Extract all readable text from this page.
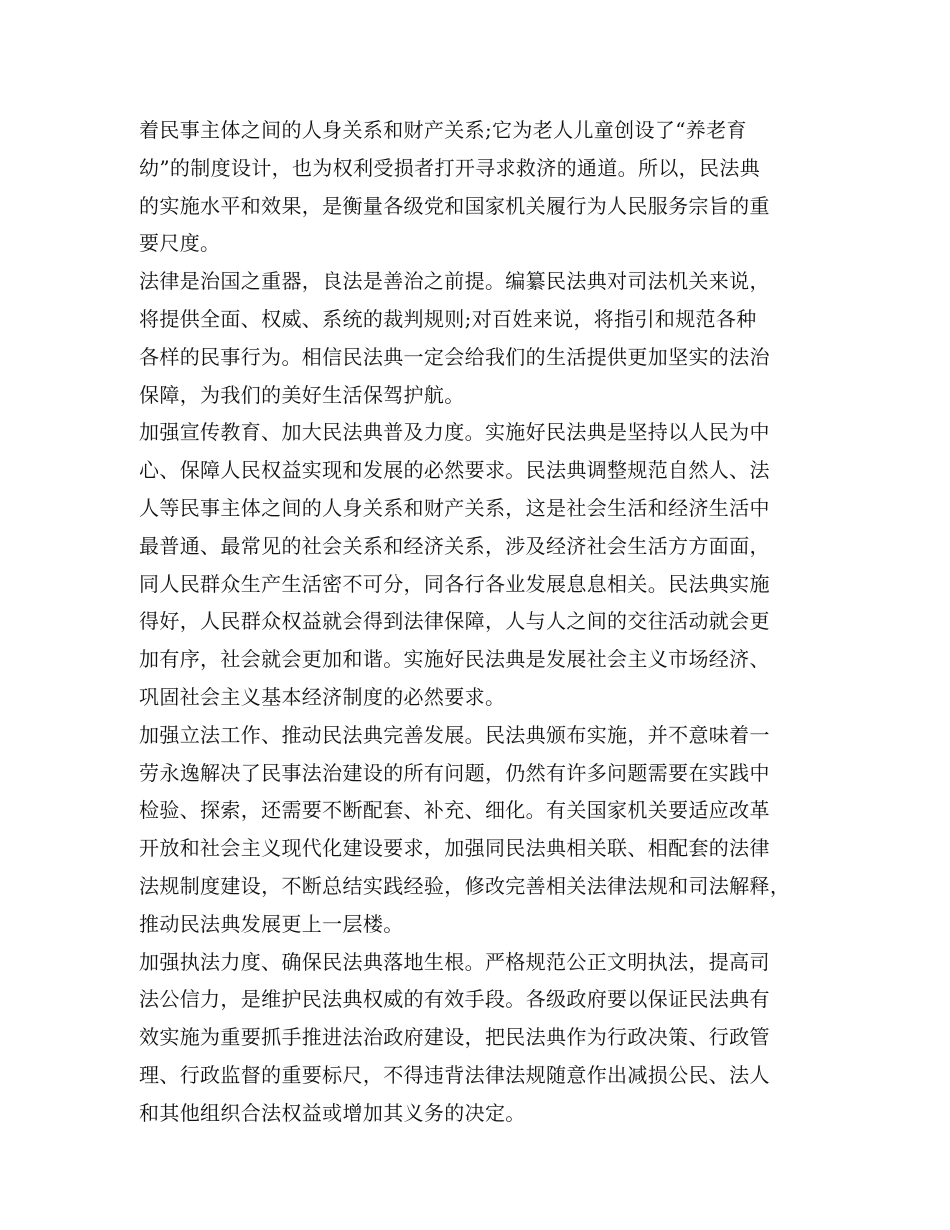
着民事主体之间的人身关系和财产关系;它为老人儿童创设了“养老育
幼”的制度设计，也为权利受损者打开寻求救济的通道。所以，民法典
的实施水平和效果，是衡量各级党和国家机关履行为人民服务宗旨的重
要尺度。
法律是治国之重器，良法是善治之前提。编纂民法典对司法机关来说，
将提供全面、权威、系统的裁判规则;对百姓来说，将指引和规范各种
各样的民事行为。相信民法典一定会给我们的生活提供更加坚实的法治
保障，为我们的美好生活保驾护航。
加强宣传教育、加大民法典普及力度。实施好民法典是坚持以人民为中
心、保障人民权益实现和发展的必然要求。民法典调整规范自然人、法
人等民事主体之间的人身关系和财产关系，这是社会生活和经济生活中
最普通、最常见的社会关系和经济关系，涉及经济社会生活方方面面，
同人民群众生产生活密不可分，同各行各业发展息息相关。民法典实施
得好，人民群众权益就会得到法律保障，人与人之间的交往活动就会更
加有序，社会就会更加和谐。实施好民法典是发展社会主义市场经济、
巩固社会主义基本经济制度的必然要求。
加强立法工作、推动民法典完善发展。民法典颁布实施，并不意味着一
劳永逸解决了民事法治建设的所有问题，仍然有许多问题需要在实践中
检验、探索，还需要不断配套、补充、细化。有关国家机关要适应改革
开放和社会主义现代化建设要求，加强同民法典相关联、相配套的法律
法规制度建设，不断总结实践经验，修改完善相关法律法规和司法解释，
推动民法典发展更上一层楼。
加强执法力度、确保民法典落地生根。严格规范公正文明执法，提高司
法公信力，是维护民法典权威的有效手段。各级政府要以保证民法典有
效实施为重要抓手推进法治政府建设，把民法典作为行政决策、行政管
理、行政监督的重要标尺，不得违背法律法规随意作出减损公民、法人
和其他组织合法权益或增加其义务的决定。
